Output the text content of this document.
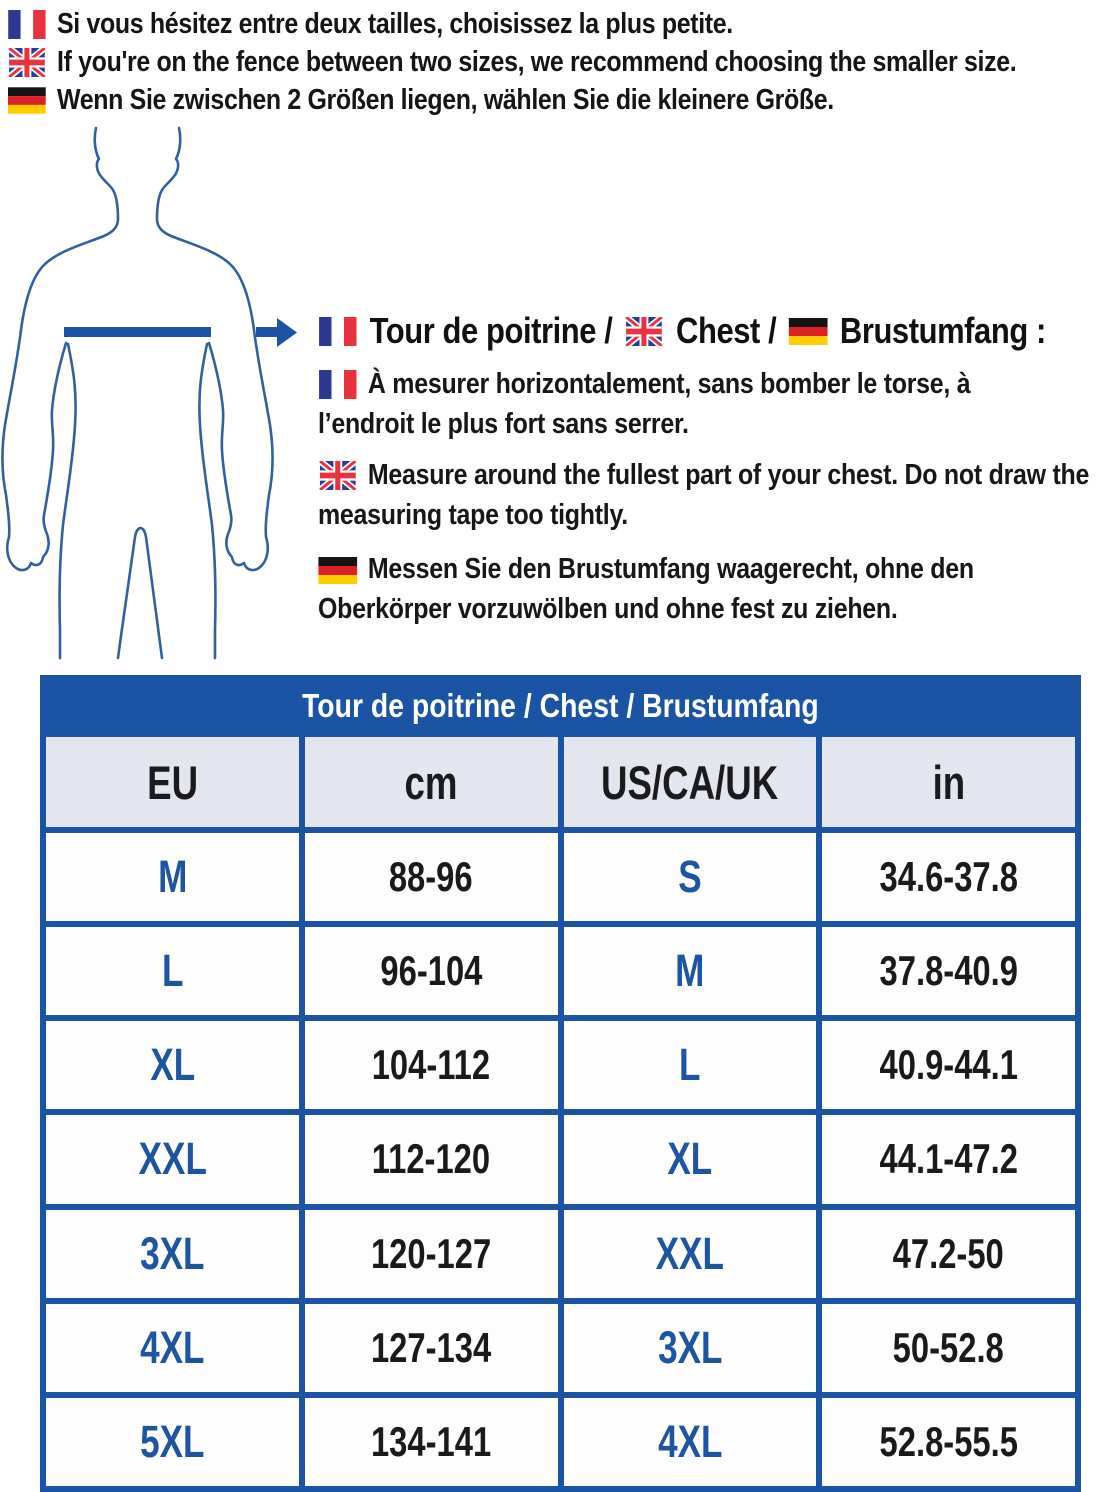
Si vous hésitez entre deux tailles, choisissez la plus petite.
If you're on the fence between two sizes, we recommend choosing the smaller size.
Wenn Sie zwischen 2 Größen liegen, wählen Sie die kleinere Größe.
Tour de poitrine / Chest / Brustumfang :
À mesurer horizontalement, sans bomber le torse, à l’endroit le plus fort sans serrer.
Measure around the fullest part of your chest. Do not draw the measuring tape too tightly.
Messen Sie den Brustumfang waagerecht, ohne den Oberkörper vorzuwölben und ohne fest zu ziehen.
Tour de poitrine / Chest / Brustumfang
EU	cm	US/CA/UK	in
M	88-96	S	34.6-37.8
L	96-104	M	37.8-40.9
XL	104-112	L	40.9-44.1
XXL	112-120	XL	44.1-47.2
3XL	120-127	XXL	47.2-50
4XL	127-134	3XL	50-52.8
5XL	134-141	4XL	52.8-55.5
